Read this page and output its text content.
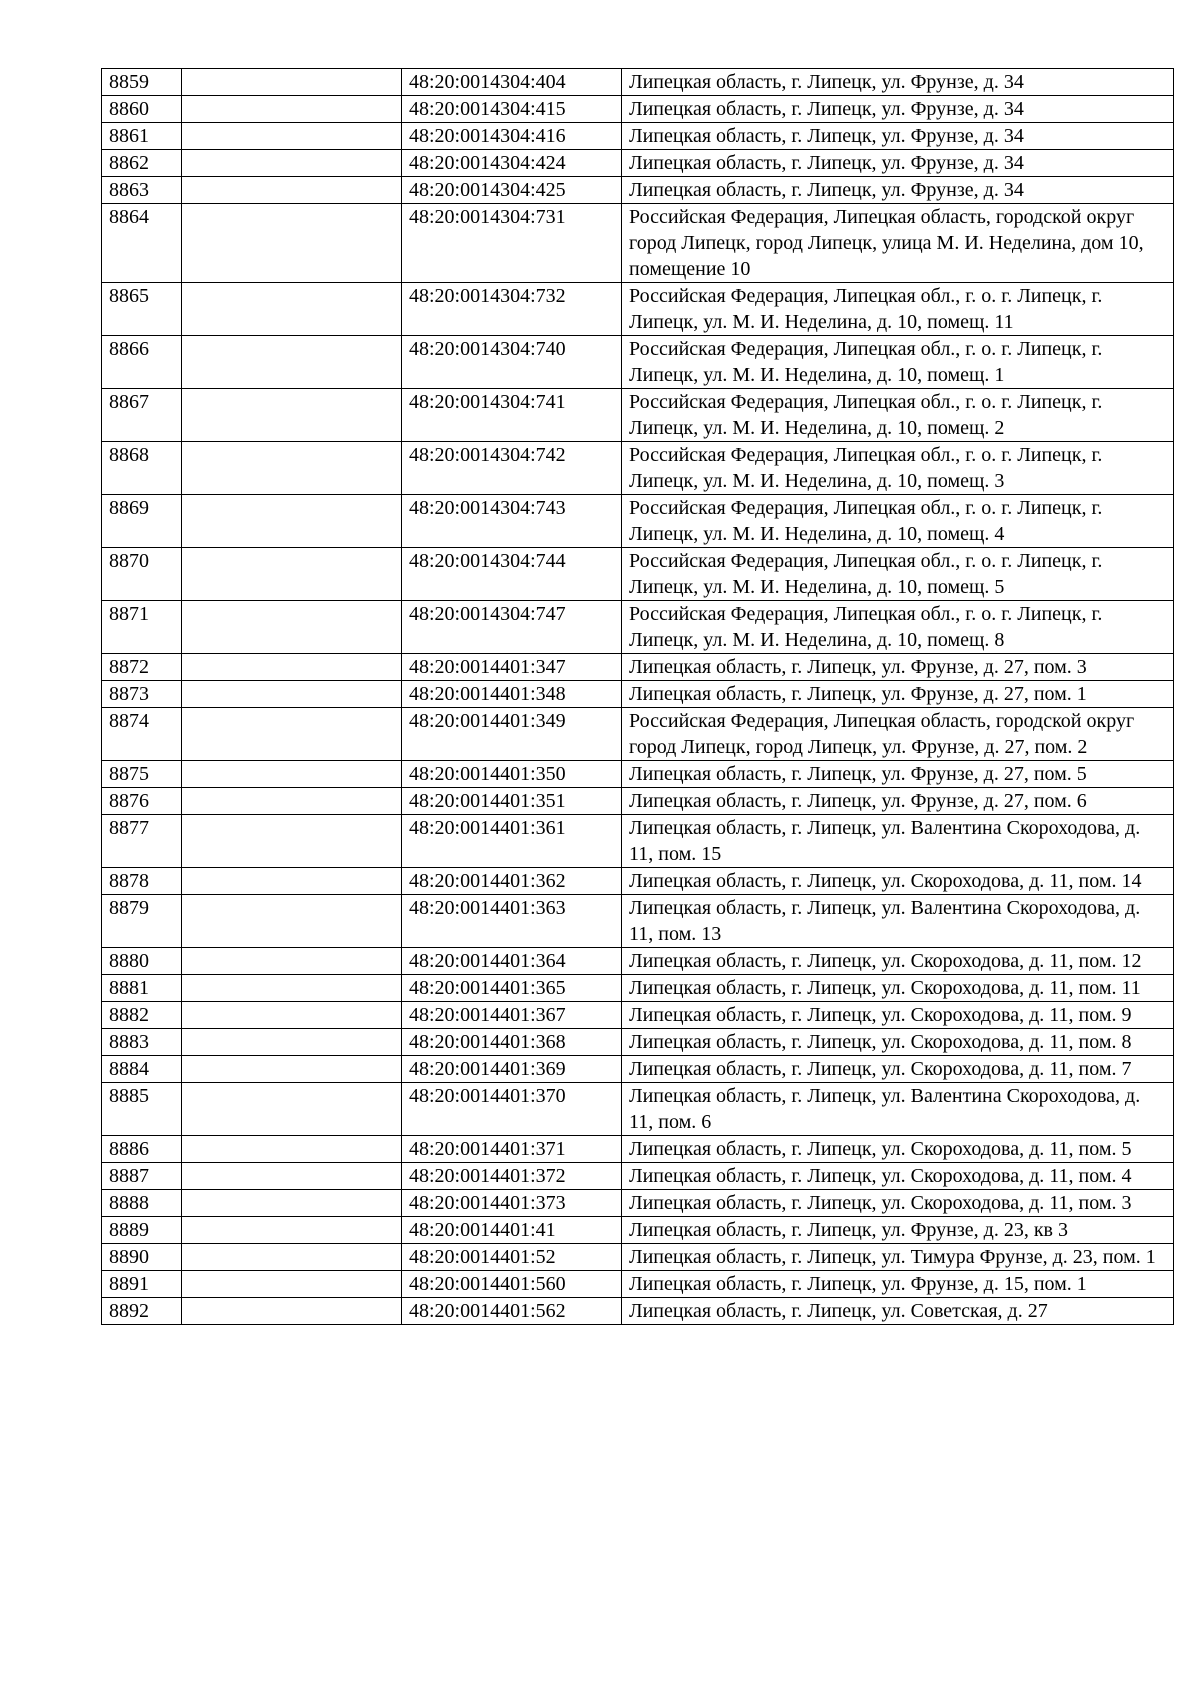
8859		48:20:0014304:404	Липецкая область, г. Липецк, ул. Фрунзе, д. 34
8860		48:20:0014304:415	Липецкая область, г. Липецк, ул. Фрунзе, д. 34
8861		48:20:0014304:416	Липецкая область, г. Липецк, ул. Фрунзе, д. 34
8862		48:20:0014304:424	Липецкая область, г. Липецк, ул. Фрунзе, д. 34
8863		48:20:0014304:425	Липецкая область, г. Липецк, ул. Фрунзе, д. 34
8864		48:20:0014304:731	Российская Федерация, Липецкая область, городской округ город Липецк, город Липецк, улица М. И. Неделина, дом 10, помещение 10
8865		48:20:0014304:732	Российская Федерация, Липецкая обл., г. о. г. Липецк, г. Липецк, ул. М. И. Неделина, д. 10, помещ. 11
8866		48:20:0014304:740	Российская Федерация, Липецкая обл., г. о. г. Липецк, г. Липецк, ул. М. И. Неделина, д. 10, помещ. 1
8867		48:20:0014304:741	Российская Федерация, Липецкая обл., г. о. г. Липецк, г. Липецк, ул. М. И. Неделина, д. 10, помещ. 2
8868		48:20:0014304:742	Российская Федерация, Липецкая обл., г. о. г. Липецк, г. Липецк, ул. М. И. Неделина, д. 10, помещ. 3
8869		48:20:0014304:743	Российская Федерация, Липецкая обл., г. о. г. Липецк, г. Липецк, ул. М. И. Неделина, д. 10, помещ. 4
8870		48:20:0014304:744	Российская Федерация, Липецкая обл., г. о. г. Липецк, г. Липецк, ул. М. И. Неделина, д. 10, помещ. 5
8871		48:20:0014304:747	Российская Федерация, Липецкая обл., г. о. г. Липецк, г. Липецк, ул. М. И. Неделина, д. 10, помещ. 8
8872		48:20:0014401:347	Липецкая область, г. Липецк, ул. Фрунзе, д. 27, пом. 3
8873		48:20:0014401:348	Липецкая область, г. Липецк, ул. Фрунзе, д. 27, пом. 1
8874		48:20:0014401:349	Российская Федерация, Липецкая область, городской округ город Липецк, город Липецк, ул. Фрунзе, д. 27, пом. 2
8875		48:20:0014401:350	Липецкая область, г. Липецк, ул. Фрунзе, д. 27, пом. 5
8876		48:20:0014401:351	Липецкая область, г. Липецк, ул. Фрунзе, д. 27, пом. 6
8877		48:20:0014401:361	Липецкая область, г. Липецк, ул. Валентина Скороходова, д. 11, пом. 15
8878		48:20:0014401:362	Липецкая область, г. Липецк, ул. Скороходова, д. 11, пом. 14
8879		48:20:0014401:363	Липецкая область, г. Липецк, ул. Валентина Скороходова, д. 11, пом. 13
8880		48:20:0014401:364	Липецкая область, г. Липецк, ул. Скороходова, д. 11, пом. 12
8881		48:20:0014401:365	Липецкая область, г. Липецк, ул. Скороходова, д. 11, пом. 11
8882		48:20:0014401:367	Липецкая область, г. Липецк, ул. Скороходова, д. 11, пом. 9
8883		48:20:0014401:368	Липецкая область, г. Липецк, ул. Скороходова, д. 11, пом. 8
8884		48:20:0014401:369	Липецкая область, г. Липецк, ул. Скороходова, д. 11, пом. 7
8885		48:20:0014401:370	Липецкая область, г. Липецк, ул. Валентина Скороходова, д. 11, пом. 6
8886		48:20:0014401:371	Липецкая область, г. Липецк, ул. Скороходова, д. 11, пом. 5
8887		48:20:0014401:372	Липецкая область, г. Липецк, ул. Скороходова, д. 11, пом. 4
8888		48:20:0014401:373	Липецкая область, г. Липецк, ул. Скороходова, д. 11, пом. 3
8889		48:20:0014401:41	Липецкая область, г. Липецк, ул. Фрунзе, д. 23, кв 3
8890		48:20:0014401:52	Липецкая область, г. Липецк, ул. Тимура Фрунзе, д. 23, пом. 1
8891		48:20:0014401:560	Липецкая область, г. Липецк, ул. Фрунзе, д. 15, пом. 1
8892		48:20:0014401:562	Липецкая область, г. Липецк, ул. Советская, д. 27
